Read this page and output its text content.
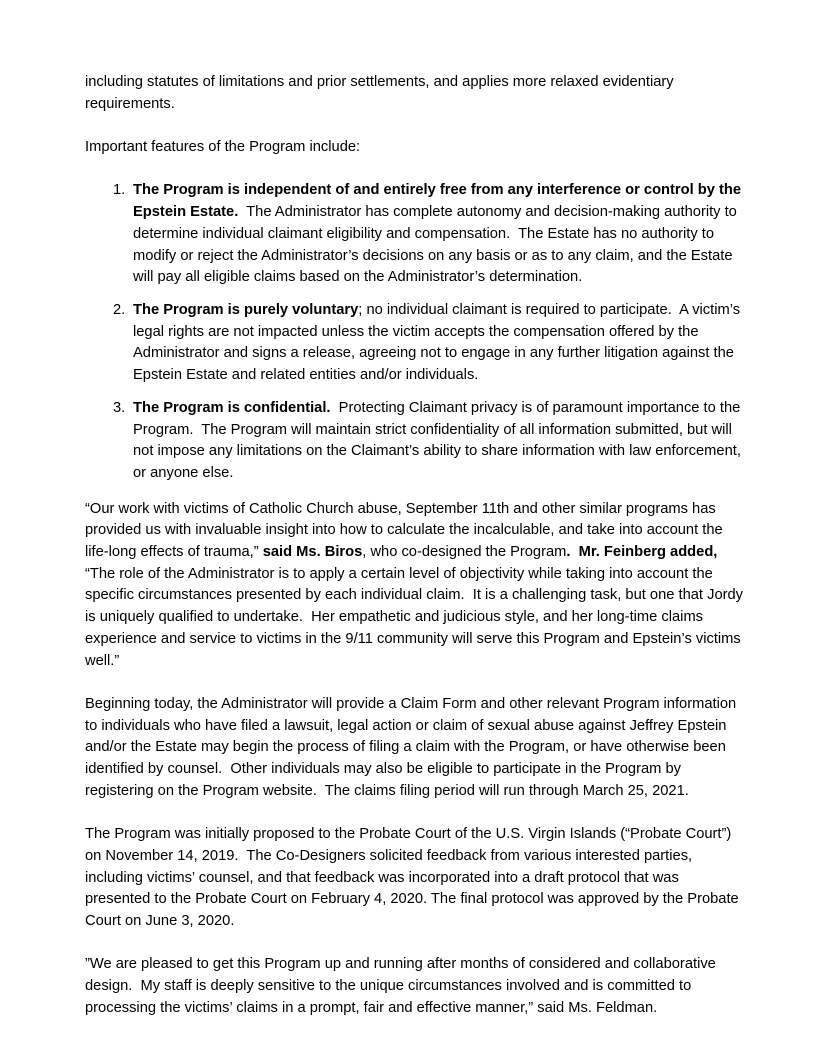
including statutes of limitations and prior settlements, and applies more relaxed evidentiary requirements.

Important features of the Program include:

1. The Program is independent of and entirely free from any interference or control by the Epstein Estate.  The Administrator has complete autonomy and decision-making authority to determine individual claimant eligibility and compensation.  The Estate has no authority to modify or reject the Administrator’s decisions on any basis or as to any claim, and the Estate will pay all eligible claims based on the Administrator’s determination.
2. The Program is purely voluntary; no individual claimant is required to participate.  A victim’s legal rights are not impacted unless the victim accepts the compensation offered by the Administrator and signs a release, agreeing not to engage in any further litigation against the Epstein Estate and related entities and/or individuals.
3. The Program is confidential.  Protecting Claimant privacy is of paramount importance to the Program.  The Program will maintain strict confidentiality of all information submitted, but will not impose any limitations on the Claimant’s ability to share information with law enforcement, or anyone else.

“Our work with victims of Catholic Church abuse, September 11th and other similar programs has provided us with invaluable insight into how to calculate the incalculable, and take into account the life-long effects of trauma,” said Ms. Biros, who co-designed the Program.  Mr. Feinberg added, “The role of the Administrator is to apply a certain level of objectivity while taking into account the specific circumstances presented by each individual claim.  It is a challenging task, but one that Jordy is uniquely qualified to undertake.  Her empathetic and judicious style, and her long-time claims experience and service to victims in the 9/11 community will serve this Program and Epstein’s victims well.”

Beginning today, the Administrator will provide a Claim Form and other relevant Program information to individuals who have filed a lawsuit, legal action or claim of sexual abuse against Jeffrey Epstein and/or the Estate may begin the process of filing a claim with the Program, or have otherwise been identified by counsel.  Other individuals may also be eligible to participate in the Program by registering on the Program website.  The claims filing period will run through March 25, 2021.

The Program was initially proposed to the Probate Court of the U.S. Virgin Islands (“Probate Court”) on November 14, 2019.  The Co-Designers solicited feedback from various interested parties, including victims’ counsel, and that feedback was incorporated into a draft protocol that was presented to the Probate Court on February 4, 2020. The final protocol was approved by the Probate Court on June 3, 2020.

”We are pleased to get this Program up and running after months of considered and collaborative design.  My staff is deeply sensitive to the unique circumstances involved and is committed to processing the victims’ claims in a prompt, fair and effective manner,” said Ms. Feldman.
